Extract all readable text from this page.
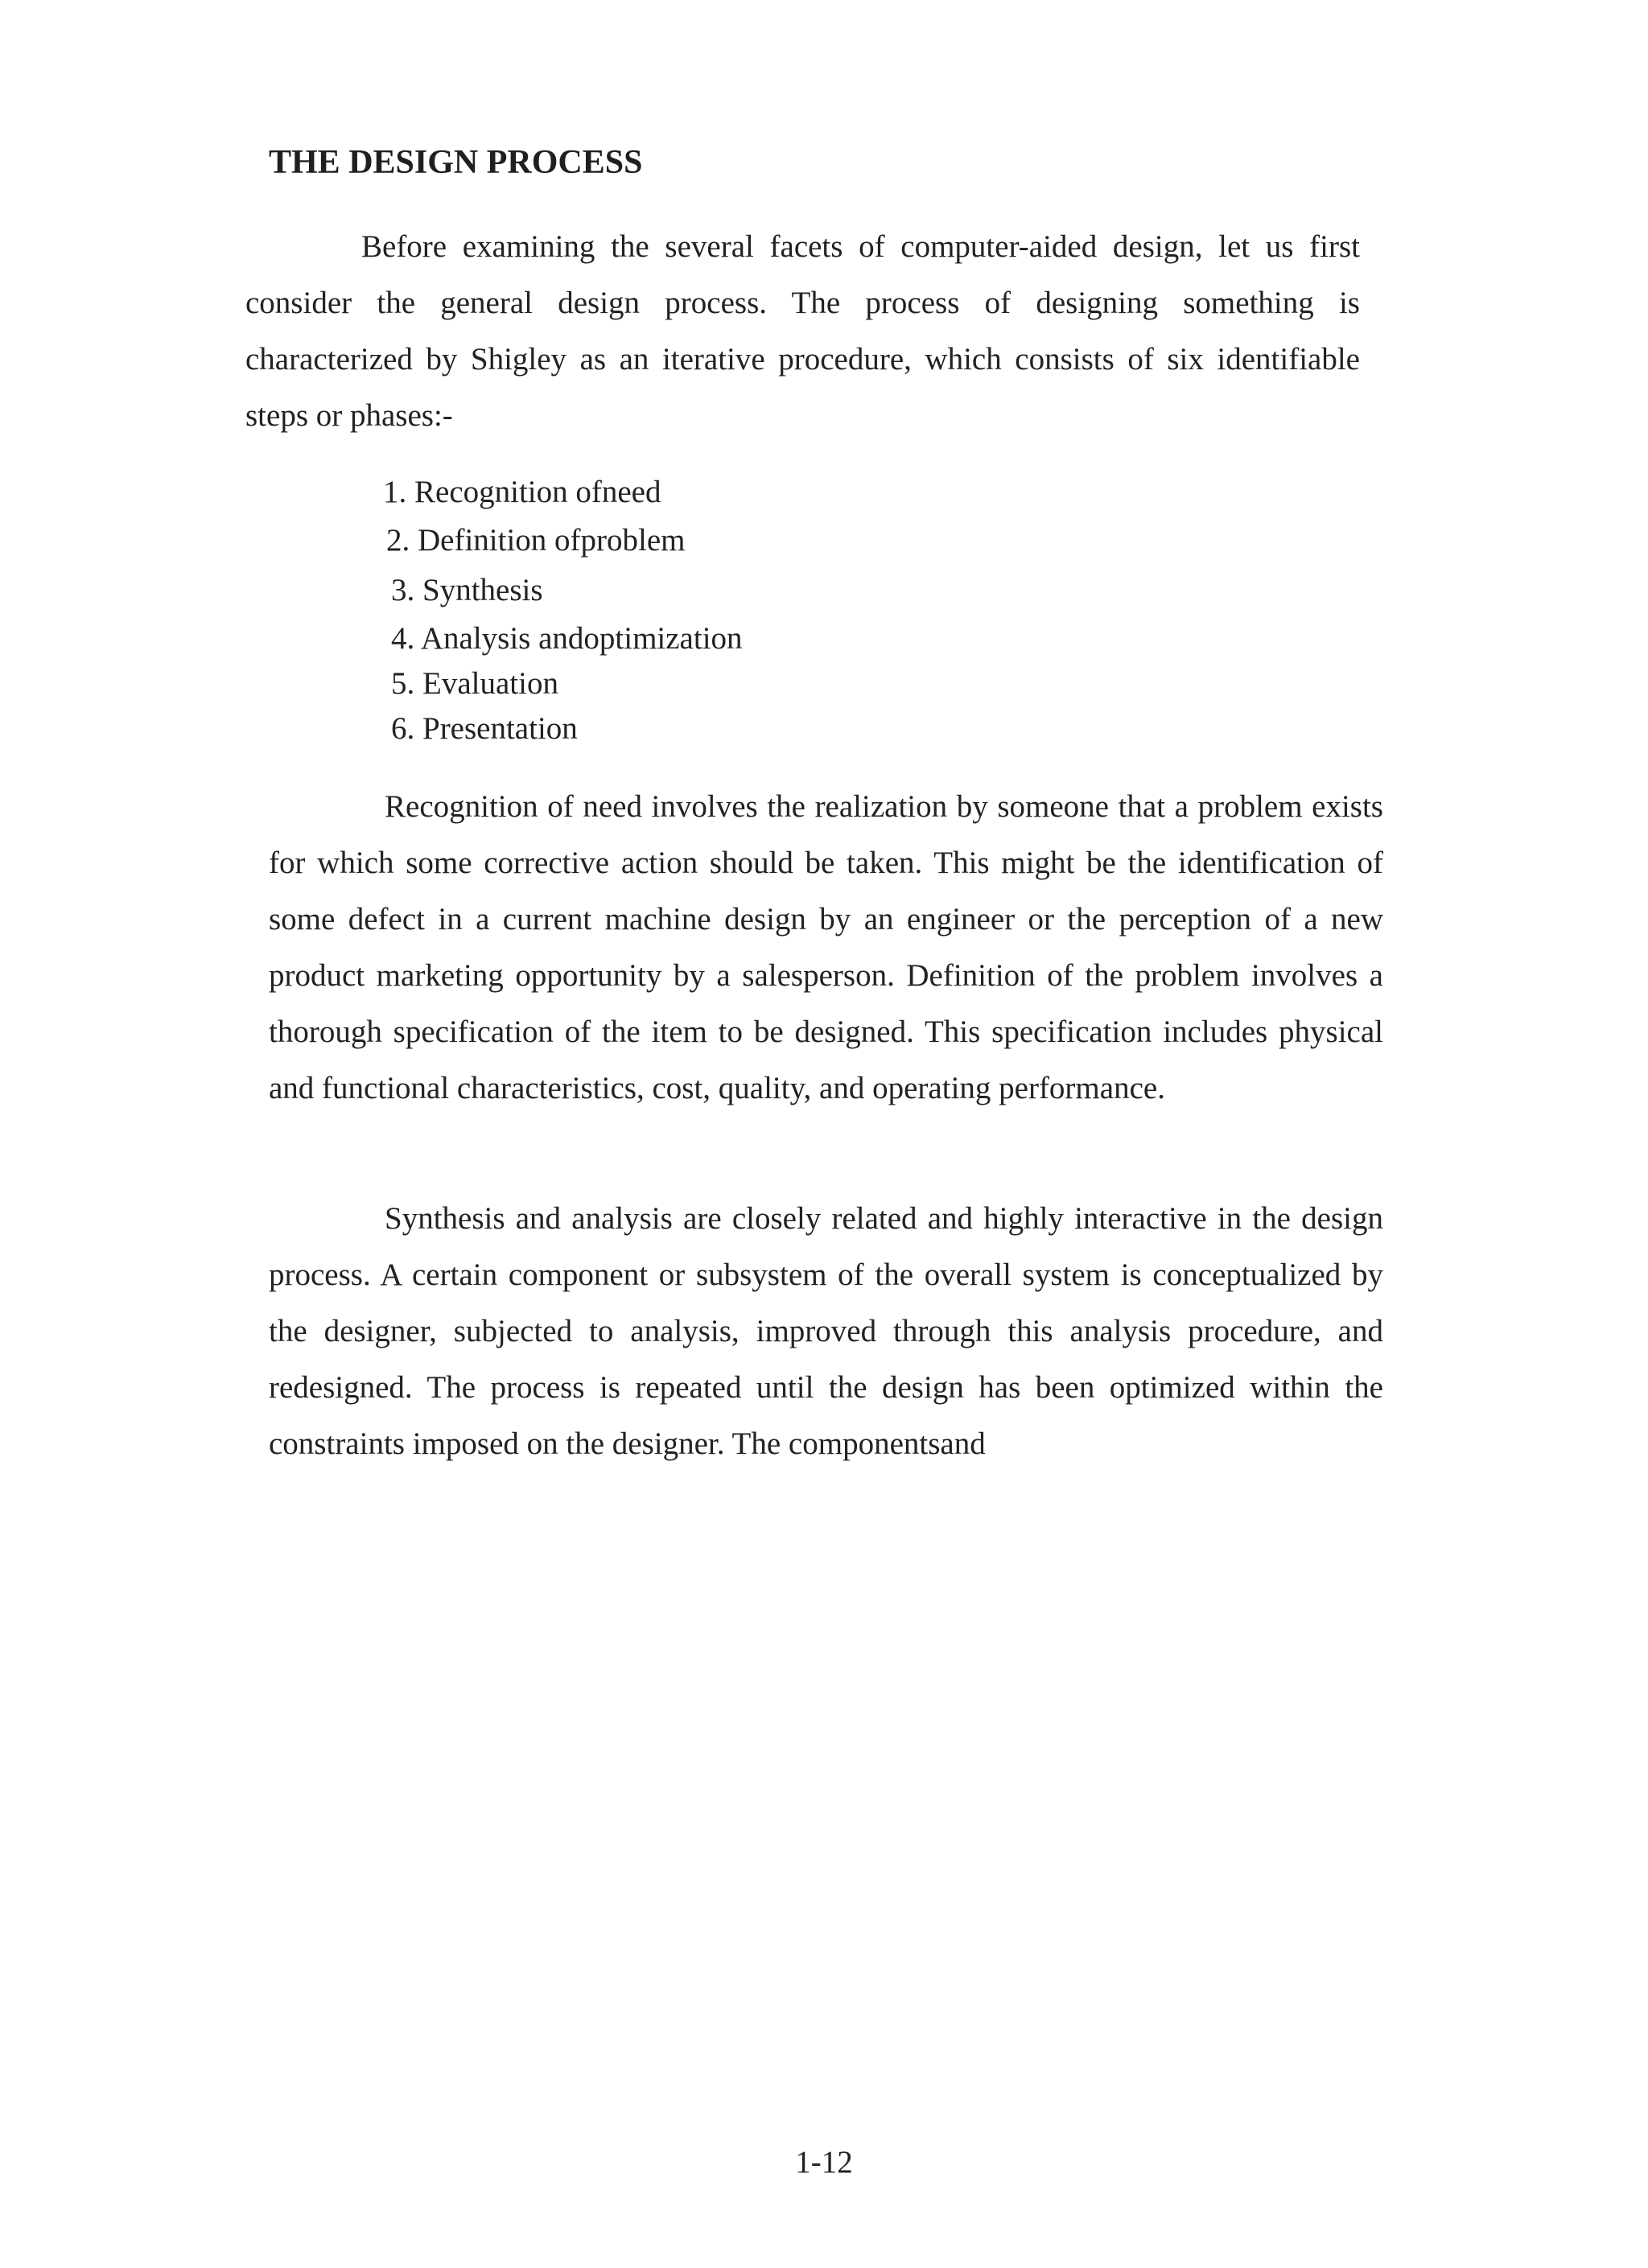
THE DESIGN PROCESS

Before examining the several facets of computer-aided design, let us first consider the general design process. The process of designing something is characterized by Shigley as an iterative procedure, which consists of six identifiable steps or phases:-

1. Recognition ofneed
2. Definition ofproblem
3. Synthesis
4. Analysis andoptimization
5. Evaluation
6. Presentation

Recognition of need involves the realization by someone that a problem exists for which some corrective action should be taken. This might be the identification of some defect in a current machine design by an engineer or the perception of a new product marketing opportunity by a salesperson. Definition of the problem involves a thorough specification of the item to be designed. This specification includes physical and functional characteristics, cost, quality, and operating performance.

Synthesis and analysis are closely related and highly interactive in the design process. A certain component or subsystem of the overall system is conceptualized by the designer, subjected to analysis, improved through this analysis procedure, and redesigned. The process is repeated until the design has been optimized within the constraints imposed on the designer. The componentsand

1-12
